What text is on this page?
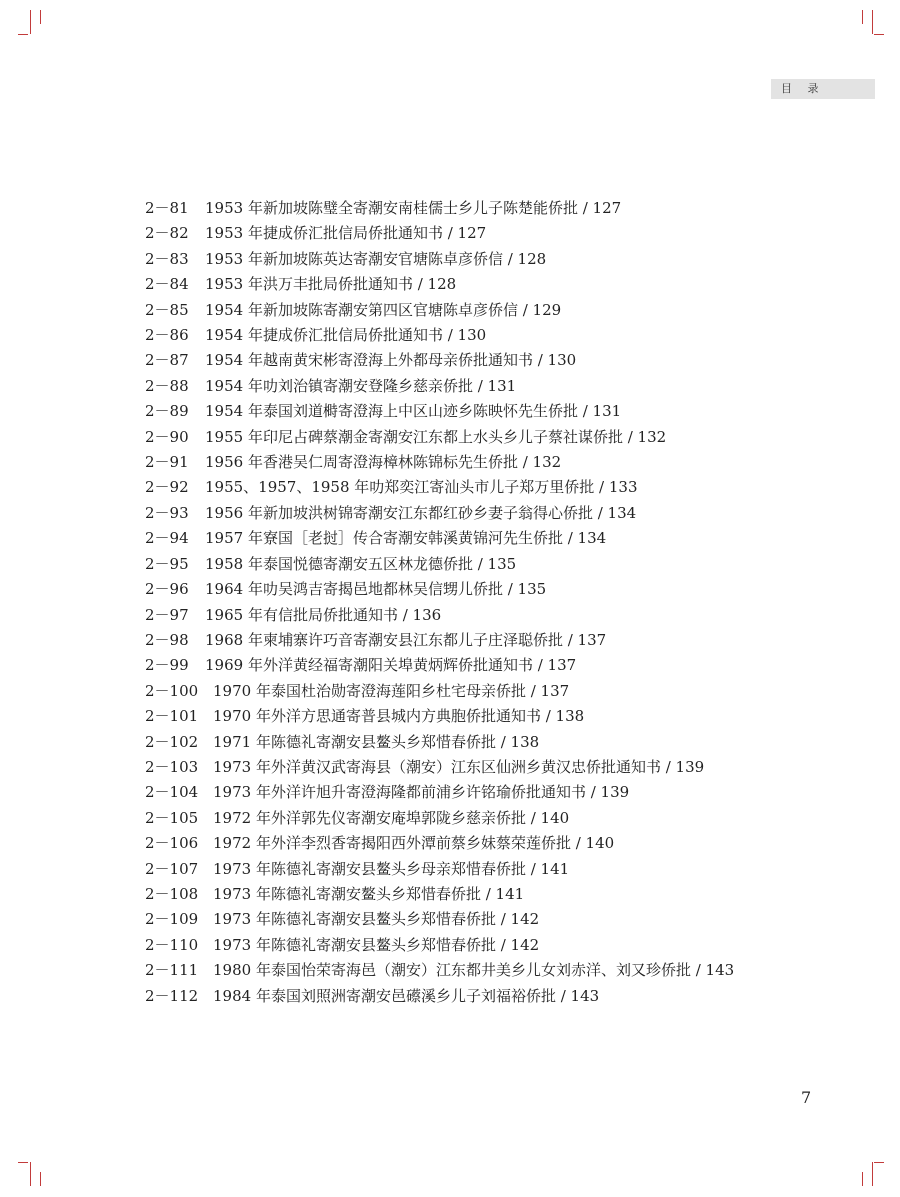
目 录
2－81	1953 年新加坡陈璧全寄潮安南桂儒士乡儿子陈楚能侨批 / 127
2－82	1953 年捷成侨汇批信局侨批通知书 / 127
2－83	1953 年新加坡陈英达寄潮安官塘陈卓彦侨信 / 128
2－84	1953 年洪万丰批局侨批通知书 / 128
2－85	1954 年新加坡陈寄潮安第四区官塘陈卓彦侨信 / 129
2－86	1954 年捷成侨汇批信局侨批通知书 / 130
2－87	1954 年越南黄宋彬寄澄海上外都母亲侨批通知书 / 130
2－88	1954 年叻刘治镇寄潮安登隆乡慈亲侨批 / 131
2－89	1954 年泰国刘道榯寄澄海上中区山迹乡陈映怀先生侨批 / 131
2－90	1955 年印尼占碑蔡潮金寄潮安江东都上水头乡儿子蔡社谋侨批 / 132
2－91	1956 年香港吴仁周寄澄海樟林陈锦标先生侨批 / 132
2－92	1955、1957、1958 年叻郑奕江寄汕头市儿子郑万里侨批 / 133
2－93	1956 年新加坡洪树锦寄潮安江东都红砂乡妻子翁得心侨批 / 134
2－94	1957 年寮国［老挝］传合寄潮安韩溪黄锦河先生侨批 / 134
2－95	1958 年泰国悦德寄潮安五区林龙德侨批 / 135
2－96	1964 年叻吴鸿吉寄揭邑地都林吴信甥儿侨批 / 135
2－97	1965 年有信批局侨批通知书 / 136
2－98	1968 年柬埔寨许巧音寄潮安县江东都儿子庄泽聪侨批 / 137
2－99	1969 年外洋黄经福寄潮阳关埠黄炳辉侨批通知书 / 137
2－100 1970 年泰国杜治勋寄澄海莲阳乡杜宅母亲侨批 / 137
2－101 1970 年外洋方思通寄普县城内方典胞侨批通知书 / 138
2－102 1971 年陈德礼寄潮安县鳌头乡郑惜春侨批 / 138
2－103 1973 年外洋黄汉武寄海县（潮安）江东区仙洲乡黄汉忠侨批通知书 / 139
2－104 1973 年外洋许旭升寄澄海隆都前浦乡许铭瑜侨批通知书 / 139
2－105 1972 年外洋郭先仪寄潮安庵埠郭陇乡慈亲侨批 / 140
2－106 1972 年外洋李烈香寄揭阳西外潭前蔡乡妹蔡荣莲侨批 / 140
2－107 1973 年陈德礼寄潮安县鳌头乡母亲郑惜春侨批 / 141
2－108 1973 年陈德礼寄潮安鳌头乡郑惜春侨批 / 141
2－109 1973 年陈德礼寄潮安县鳌头乡郑惜春侨批 / 142
2－110 1973 年陈德礼寄潮安县鳌头乡郑惜春侨批 / 142
2－111 1980 年泰国怡荣寄海邑（潮安）江东都井美乡儿女刘赤洋、刘又珍侨批 / 143
2－112 1984 年泰国刘照洲寄潮安邑礤溪乡儿子刘福裕侨批 / 143
7
